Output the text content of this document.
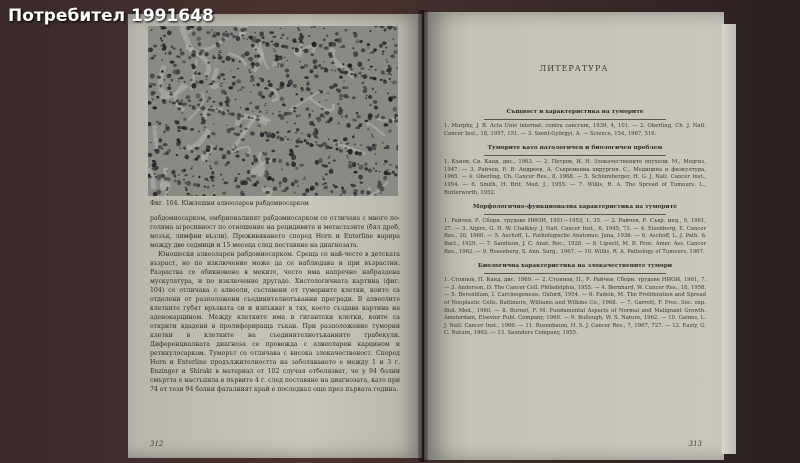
Потребител 1991648
Фиг. 104. Южлешни алвеоларен рабдомиосарком

рабдомиосарком, ембрионалният рабдомиосарком се отличава с много по-голяма агресивност по отношение на рецидивите и метастазите (бял дроб, мозък, лимфни възли). Преживяването според Horn и Enterline варира между две седмици и 15 месеца след поставяне на диагнозата.

Юношески алвеоларен рабдомиосарком. Среща се най-често в детската възраст, но по изключение може да се наблюдава и при възрастни. Разраства се обикновено в меките, често има напречно набраздена мускулатура, и по изключение другаде. Хистологичната картина (фиг. 104) се отличава с алвеоли, съставени от туморните клетки, които са отделени от разположени съединителнотъканни прегради. В алвеолите клетките губят връзката си и изпъкват в тях, което създава картина на аденокарцином. Между клетките има и гигантски клетки, които са открити вдадени в пролиферираща тъкан. При разположение туморни клетки в клетките на съединителнотъканните трабекули. Диференциалната диагноза се провежда с алвеоларен карцином и ретикулосарком. Туморът се отличава с висока злокачественост. Според Horn и Enterline продължителността на заболяването е между 1 и 3 г. Enzinger и Shiraki в материал от 102 случая отбелязват, че у 94 болни смъртта е настъпила в първите 4 г. след поставяне на диагнозата, като при 74 от тези 94 болни фаталният край е последвал още през първата година.

312
ЛИТЕРАТУРА
Същност и характеристика на туморите

1. Murphy, J. B. Acta Unio internat. contra cancrum, 1939, 4, 101. — 2. Oberling, Ch. J. Natl. Cancer Inst., 18, 1957, 151. — 3. Szent-Györgyi, A. — Science, 154, 1967, 516.

Туморите като патологичен и биологичен проблем

1. Кънев, Св. Канд. дис., 1963. — 2. Петров, И. Н. Злокачествените опухоли. М., Медгиз, 1947. — 3. Райчев, Р. В: Андреев, А. Съвременна хирургия. С., Медицина и физкултура, 1965. — 4. Oberling, Ch. Cancer Res., 8, 1968. — 5. Schlumberger, H. G. J. Natl. Cancer Inst., 1954. — 6. Smith, H. Brit. Med. J., 1955. — 7. Willis, R. A. The Spread of Tumours. L., Butterworth, 1952.

Морфологично-функционална характеристика на туморите

1. Райчев, Р. Сборн. трудове НИОИ, 1951—1953, 1, 35. — 2. Райчев, Р. Съвр. мед., 9, 1961, 27. — 3. Algire, G. H. W. Chalkley. J. Natl. Cancer Inst., 6, 1945, 73. — 4. Eisenberg, E. Cancer Res., 20, 1960. — 5. Aschoff, L. Pathologische Anatomie. Jena, 1936. — 6. Aschoff, L. J. Path. & Bact., 1929. — 7. Sandison, J. C. Anat. Rec., 1928. — 8. Lipsett, M. B. Proc. Amer. Ass. Cancer Res., 1962. — 9. Rosenberg, S. Ann. Surg., 1967. — 10. Willis, R. A. Pathology of Tumours, 1967.

Биологична характеристика на злокачествените тумори

1. Стоянов, П. Канд. дис. 1969. — 2. Стоянов, П., Р. Райчев. Сборн. трудове НИОИ, 1961, 7. — 3. Anderson, D. The Cancer Cell. Philadelphia, 1955. — 4. Bernhard, W. Cancer Res., 18, 1958. — 5. Berenblum, I. Carcinogenesis. Oxford, 1954. — 6. Fadeik, M. The Proliferation and Spread of Neoplastic Cells. Baltimore, Williams and Wilkins Co., 1968. — 7. Garrett, F. Proc. Soc. exp. Biol. Med., 1960. — 8. Burnet, F. M. Fundamental Aspects of Normal and Malignant Growth. Amsterdam, Elsevier Publ. Company, 1960. — 9. Bullough, W. S. Nature, 1962. — 10. Gaines, L. J. Natl. Cancer Inst., 1966. — 11. Rosenbaum, H. S. J. Cancer Res., 7, 1967, 727. — 12. Easty, G. C. Nature, 1962. — 13. Saunders Company, 1955.

313
